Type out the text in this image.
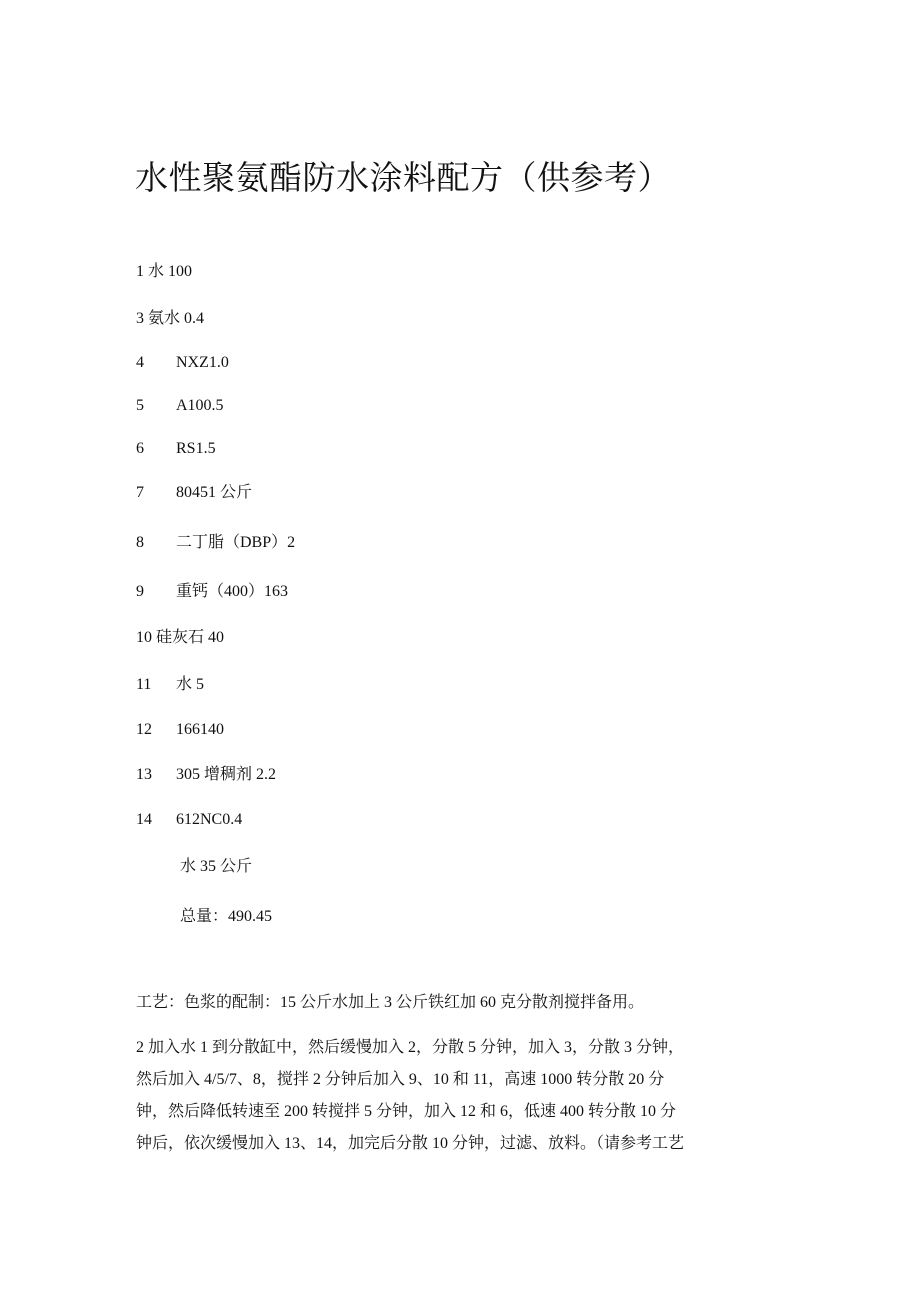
水性聚氨酯防水涂料配方（供参考）
1 水 100
3 氨水 0.4
4 NXZ1.0
5 A100.5
6 RS1.5
7 80451 公斤
8 二丁脂（DBP）2
9 重钙（400）163
10 硅灰石 40
11 水 5
12 166140
13 305 增稠剂 2.2
14 612NC0.4
水 35 公斤
总量：490.45
工艺：色浆的配制：15 公斤水加上 3 公斤铁红加 60 克分散剂搅拌备用。
2 加入水 1 到分散缸中，然后缓慢加入 2，分散 5 分钟，加入 3，分散 3 分钟，
然后加入 4/5/7、8，搅拌 2 分钟后加入 9、10 和 11，高速 1000 转分散 20 分
钟，然后降低转速至 200 转搅拌 5 分钟，加入 12 和 6，低速 400 转分散 10 分
钟后，依次缓慢加入 13、14，加完后分散 10 分钟，过滤、放料。（请参考工艺
